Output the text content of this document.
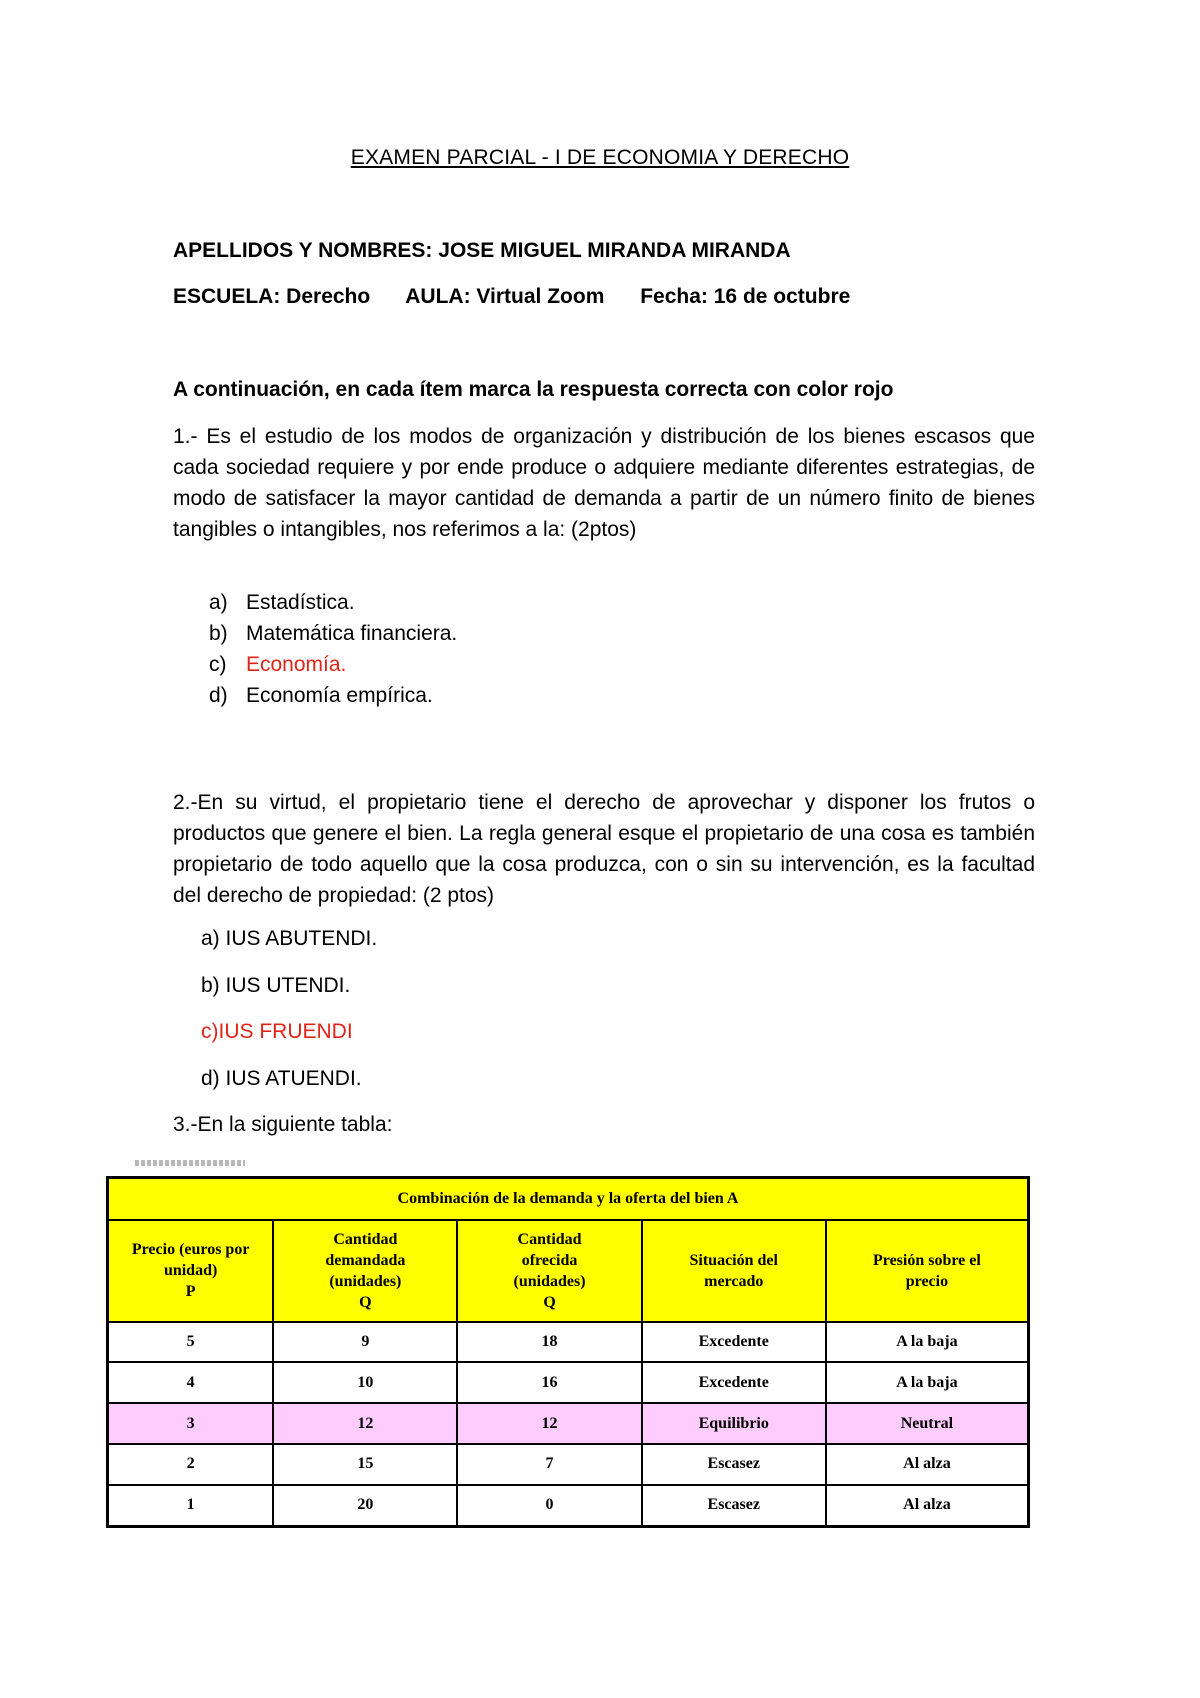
EXAMEN PARCIAL - I DE ECONOMIA Y DERECHO
APELLIDOS Y NOMBRES: JOSE MIGUEL MIRANDA MIRANDA
ESCUELA: Derecho AULA: Virtual Zoom Fecha: 16 de octubre
A continuación, en cada ítem marca la respuesta correcta con color rojo
1.- Es el estudio de los modos de organización y distribución de los bienes escasos que cada sociedad requiere y por ende produce o adquiere mediante diferentes estrategias, de modo de satisfacer la mayor cantidad de demanda a partir de un número finito de bienes tangibles o intangibles, nos referimos a la: (2ptos)
a) Estadística.
b) Matemática financiera.
c) Economía.
d) Economía empírica.
2.-En su virtud, el propietario tiene el derecho de aprovechar y disponer los frutos o productos que genere el bien. La regla general esque el propietario de una cosa es también propietario de todo aquello que la cosa produzca, con o sin su intervención, es la facultad del derecho de propiedad: (2 ptos)
a) IUS ABUTENDI.
b) IUS UTENDI.
c)IUS FRUENDI
d) IUS ATUENDI.
3.-En la siguiente tabla:
Combinación de la demanda y la oferta del bien A				
Precio (euros por
unidad)
P	Cantidad
demandada
(unidades)
Q	Cantidad
ofrecida
(unidades)
Q	Situación del
mercado	Presión sobre el
precio
5	9	18	Excedente	A la baja
4	10	16	Excedente	A la baja
3	12	12	Equilibrio	Neutral
2	15	7	Escasez	Al alza
1	20	0	Escasez	Al alza
